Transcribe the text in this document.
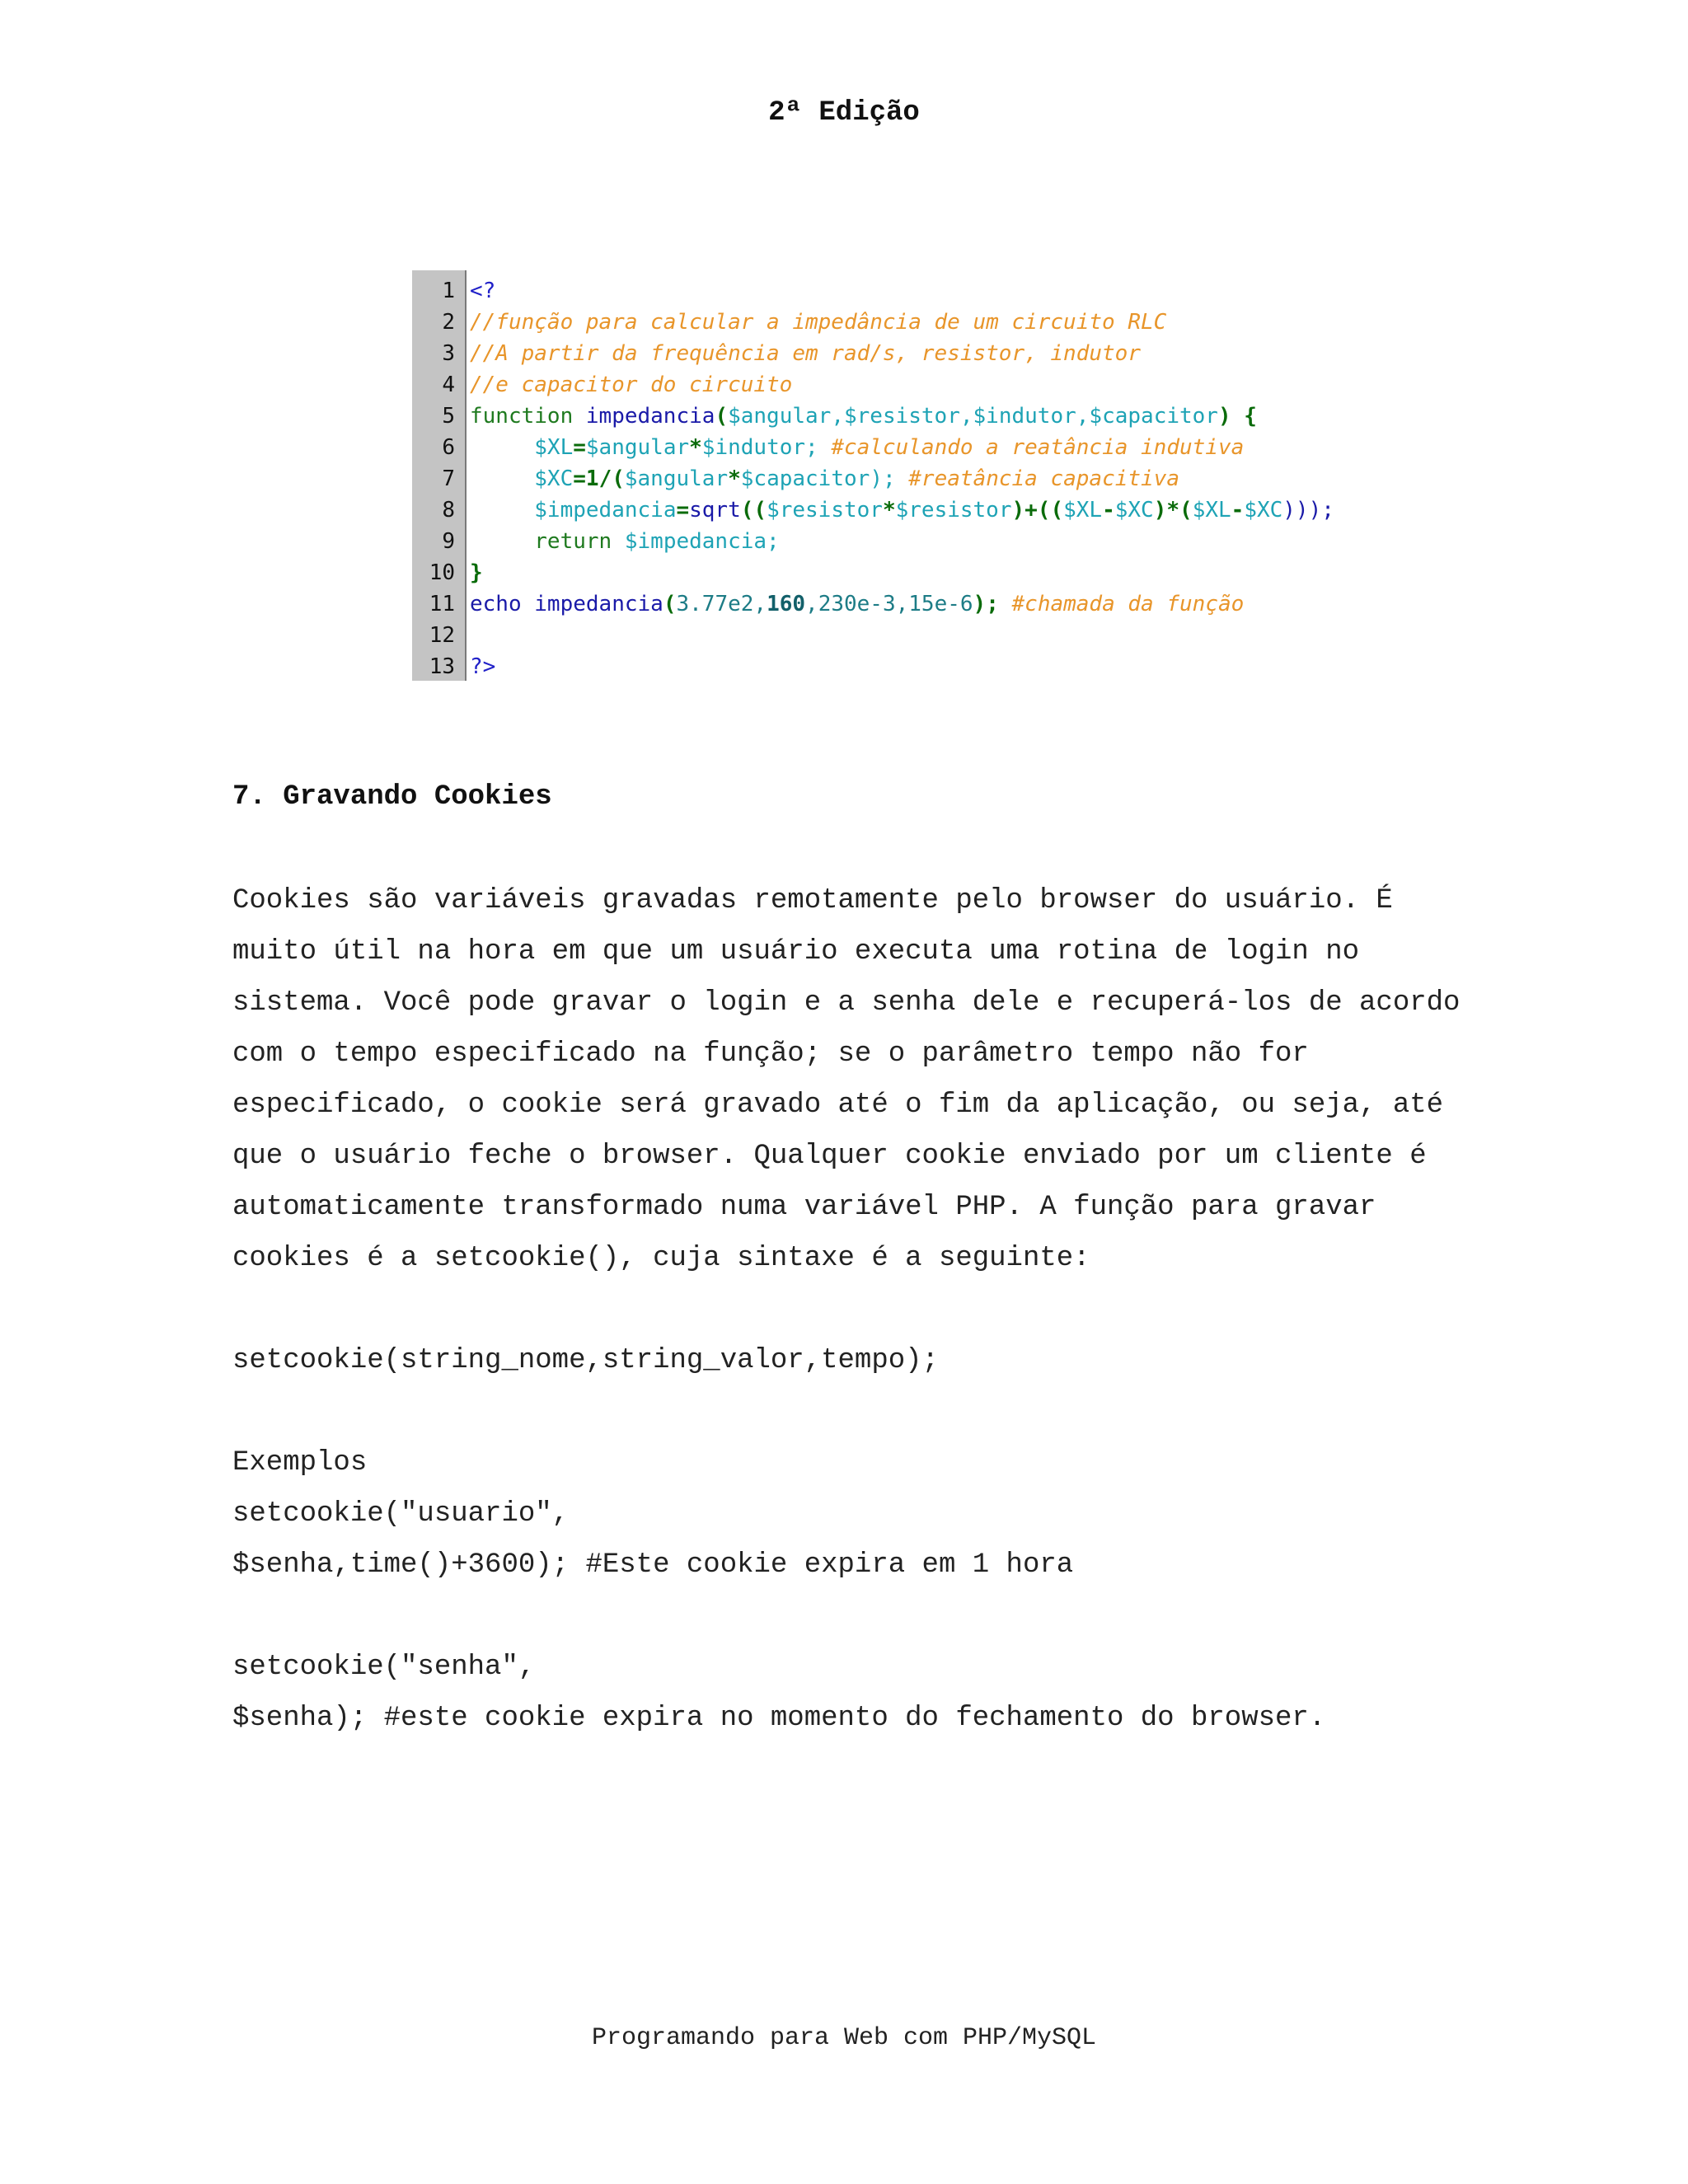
2ª Edição
1 <?
2 //função para calcular a impedância de um circuito RLC
3 //A partir da frequência em rad/s, resistor, indutor
4 //e capacitor do circuito
5 function impedancia($angular,$resistor,$indutor,$capacitor) {
6	$XL=$angular*$indutor; #calculando a reatância indutiva
7	$XC=1/($angular*$capacitor); #reatância capacitiva
8	$impedancia=sqrt(($resistor*$resistor)+(($XL-$XC)*($XL-$XC)));
9	return $impedancia;
10 }
11 echo impedancia(3.77e2,160,230e-3,15e-6); #chamada da função
12
13 ?>
7. Gravando Cookies

Cookies são variáveis gravadas remotamente pelo browser do usuário. É

muito útil na hora em que um usuário executa uma rotina de login no

sistema. Você pode gravar o login e a senha dele e recuperá-los de acordo

com o tempo especificado na função; se o parâmetro tempo não for

especificado, o cookie será gravado até o fim da aplicação, ou seja, até

que o usuário feche o browser. Qualquer cookie enviado por um cliente é

automaticamente transformado numa variável PHP. A função para gravar

cookies é a setcookie(), cuja sintaxe é a seguinte:

setcookie(string_nome,string_valor,tempo);

Exemplos

setcookie("usuario",

$senha,time()+3600); #Este cookie expira em 1 hora

setcookie("senha",

$senha); #este cookie expira no momento do fechamento do browser.

Programando para Web com PHP/MySQL
